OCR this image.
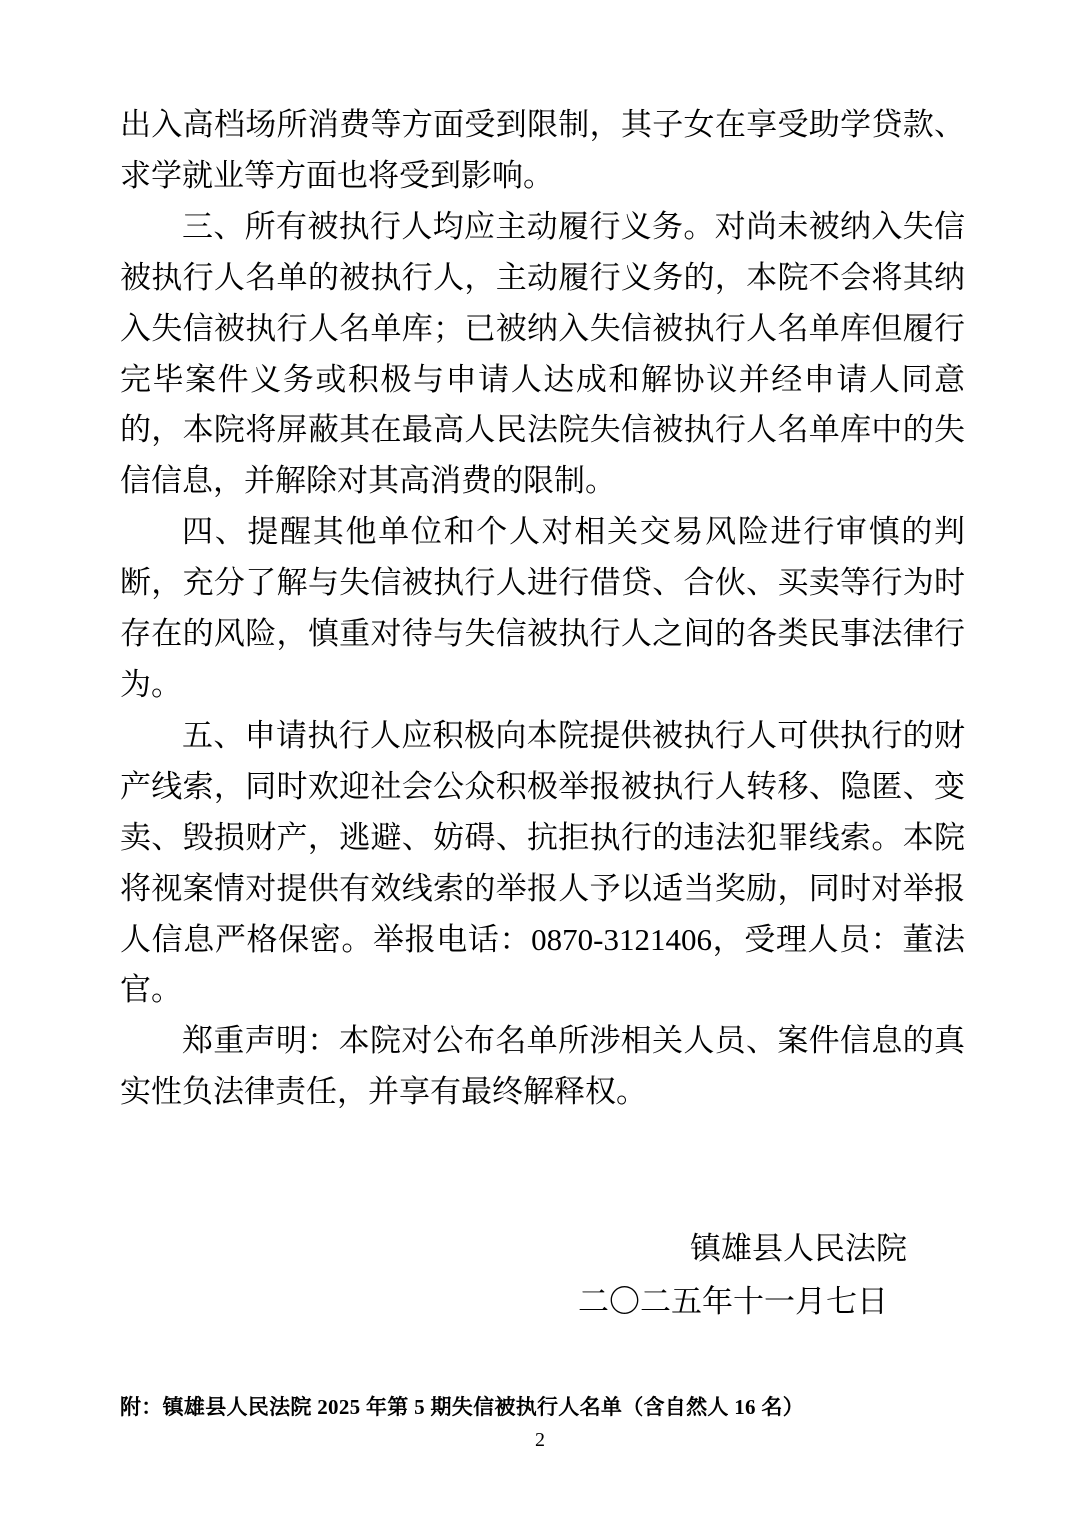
出入高档场所消费等方面受到限制，其子女在享受助学贷款、求学就业等方面也将受到影响。

三、所有被执行人均应主动履行义务。对尚未被纳入失信被执行人名单的被执行人，主动履行义务的，本院不会将其纳入失信被执行人名单库；已被纳入失信被执行人名单库但履行完毕案件义务或积极与申请人达成和解协议并经申请人同意的，本院将屏蔽其在最高人民法院失信被执行人名单库中的失信信息，并解除对其高消费的限制。

四、提醒其他单位和个人对相关交易风险进行审慎的判断，充分了解与失信被执行人进行借贷、合伙、买卖等行为时存在的风险，慎重对待与失信被执行人之间的各类民事法律行为。

五、申请执行人应积极向本院提供被执行人可供执行的财产线索，同时欢迎社会公众积极举报被执行人转移、隐匿、变卖、毁损财产，逃避、妨碍、抗拒执行的违法犯罪线索。本院将视案情对提供有效线索的举报人予以适当奖励，同时对举报人信息严格保密。举报电话：0870-3121406，受理人员：董法官。

郑重声明：本院对公布名单所涉相关人员、案件信息的真实性负法律责任，并享有最终解释权。

镇雄县人民法院
二〇二五年十一月七日
附：镇雄县人民法院 2025 年第 5 期失信被执行人名单（含自然人 16 名）
2
